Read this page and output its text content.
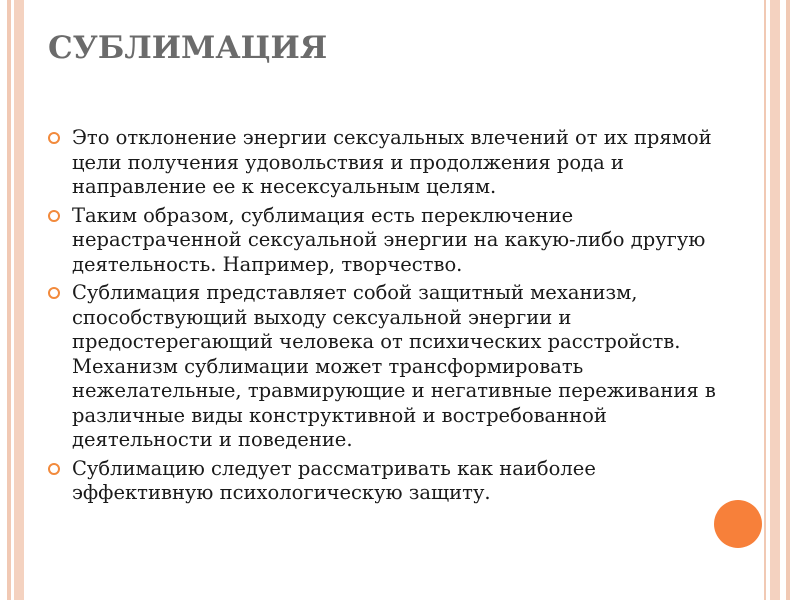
СУБЛИМАЦИЯ
Это отклонение энергии сексуальных влечений от их прямой цели получения удовольствия и продолжения рода и направление ее к несексуальным целям.
Таким образом, сублимация есть переключение нерастраченной сексуальной энергии на какую-либо другую деятельность. Например, творчество.
Сублимация представляет собой защитный механизм, способствующий выходу сексуальной энергии и предостерегающий человека от психических расстройств. Механизм сублимации может трансформировать нежелательные, травмирующие и негативные переживания в различные виды конструктивной и востребованной деятельности и поведение.
Сублимацию следует рассматривать как наиболее эффективную психологическую защиту.
